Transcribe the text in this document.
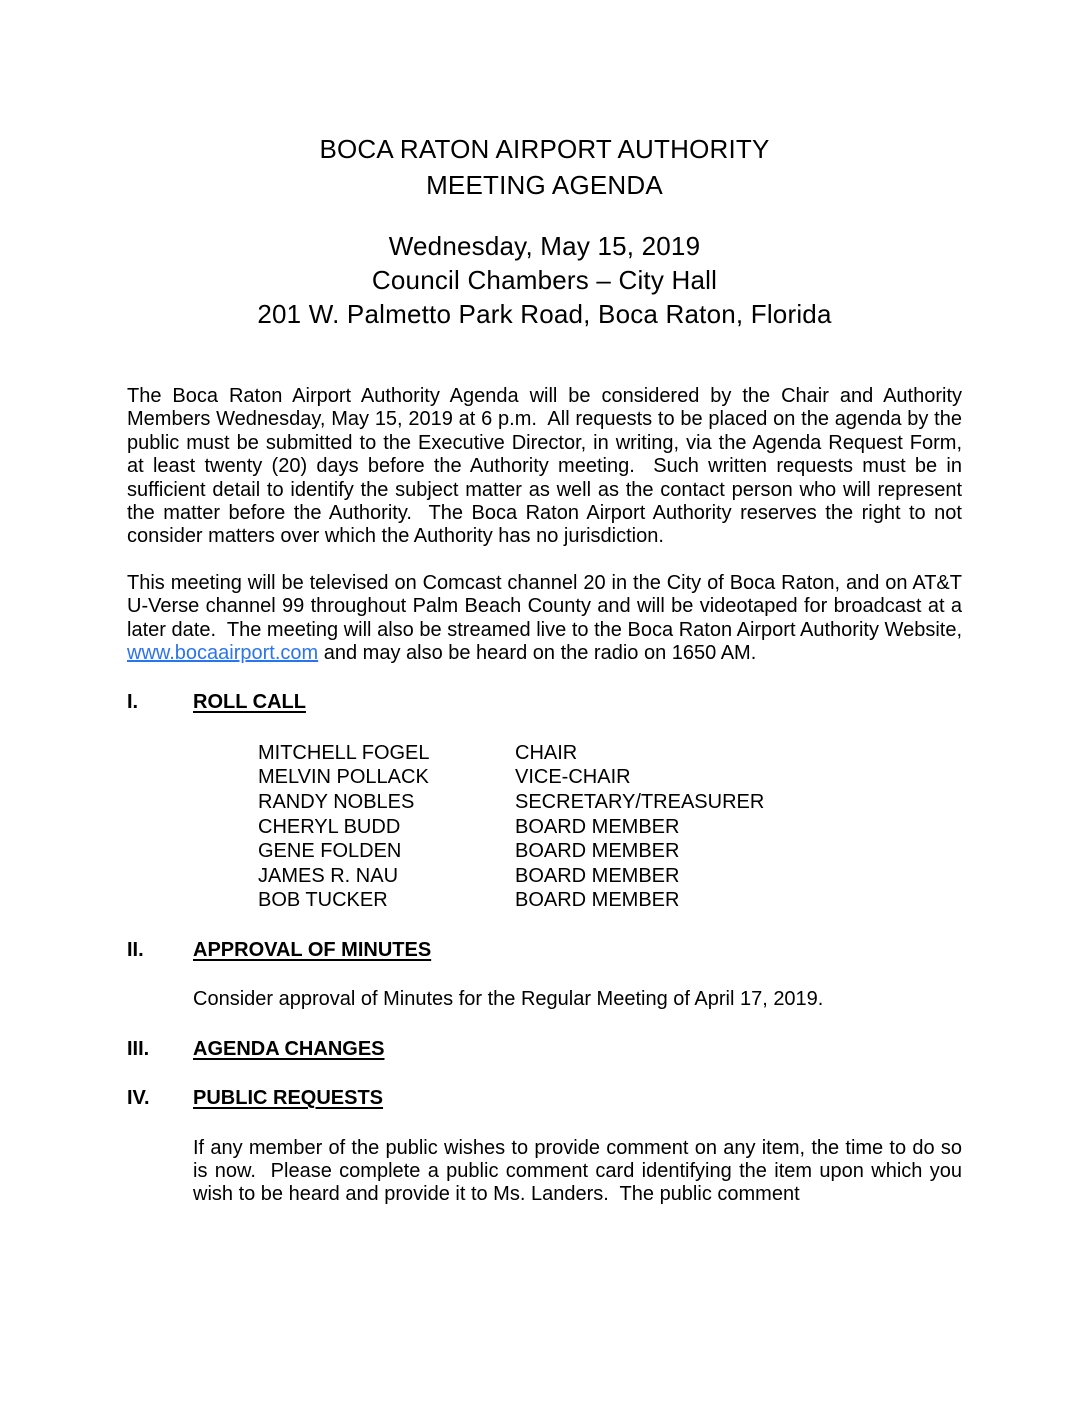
BOCA RATON AIRPORT AUTHORITY
MEETING AGENDA
Wednesday, May 15, 2019
Council Chambers – City Hall
201 W. Palmetto Park Road, Boca Raton, Florida

The Boca Raton Airport Authority Agenda will be considered by the Chair and Authority Members Wednesday, May 15, 2019 at 6 p.m.  All requests to be placed on the agenda by the public must be submitted to the Executive Director, in writing, via the Agenda Request Form, at least twenty (20) days before the Authority meeting.  Such written requests must be in sufficient detail to identify the subject matter as well as the contact person who will represent the matter before the Authority.  The Boca Raton Airport Authority reserves the right to not consider matters over which the Authority has no jurisdiction.

This meeting will be televised on Comcast channel 20 in the City of Boca Raton, and on AT&T U-Verse channel 99 throughout Palm Beach County and will be videotaped for broadcast at a later date.  The meeting will also be streamed live to the Boca Raton Airport Authority Website, www.bocaairport.com and may also be heard on the radio on 1650 AM.

I.	ROLL CALL
MITCHELL FOGEL	CHAIR
MELVIN POLLACK	VICE-CHAIR
RANDY NOBLES	SECRETARY/TREASURER
CHERYL BUDD	BOARD MEMBER
GENE FOLDEN	BOARD MEMBER
JAMES R. NAU	BOARD MEMBER
BOB TUCKER	BOARD MEMBER
II.	APPROVAL OF MINUTES

Consider approval of Minutes for the Regular Meeting of April 17, 2019.

III.	AGENDA CHANGES
IV.	PUBLIC REQUESTS

If any member of the public wishes to provide comment on any item, the time to do so is now.  Please complete a public comment card identifying the item upon which you wish to be heard and provide it to Ms. Landers.  The public comment
